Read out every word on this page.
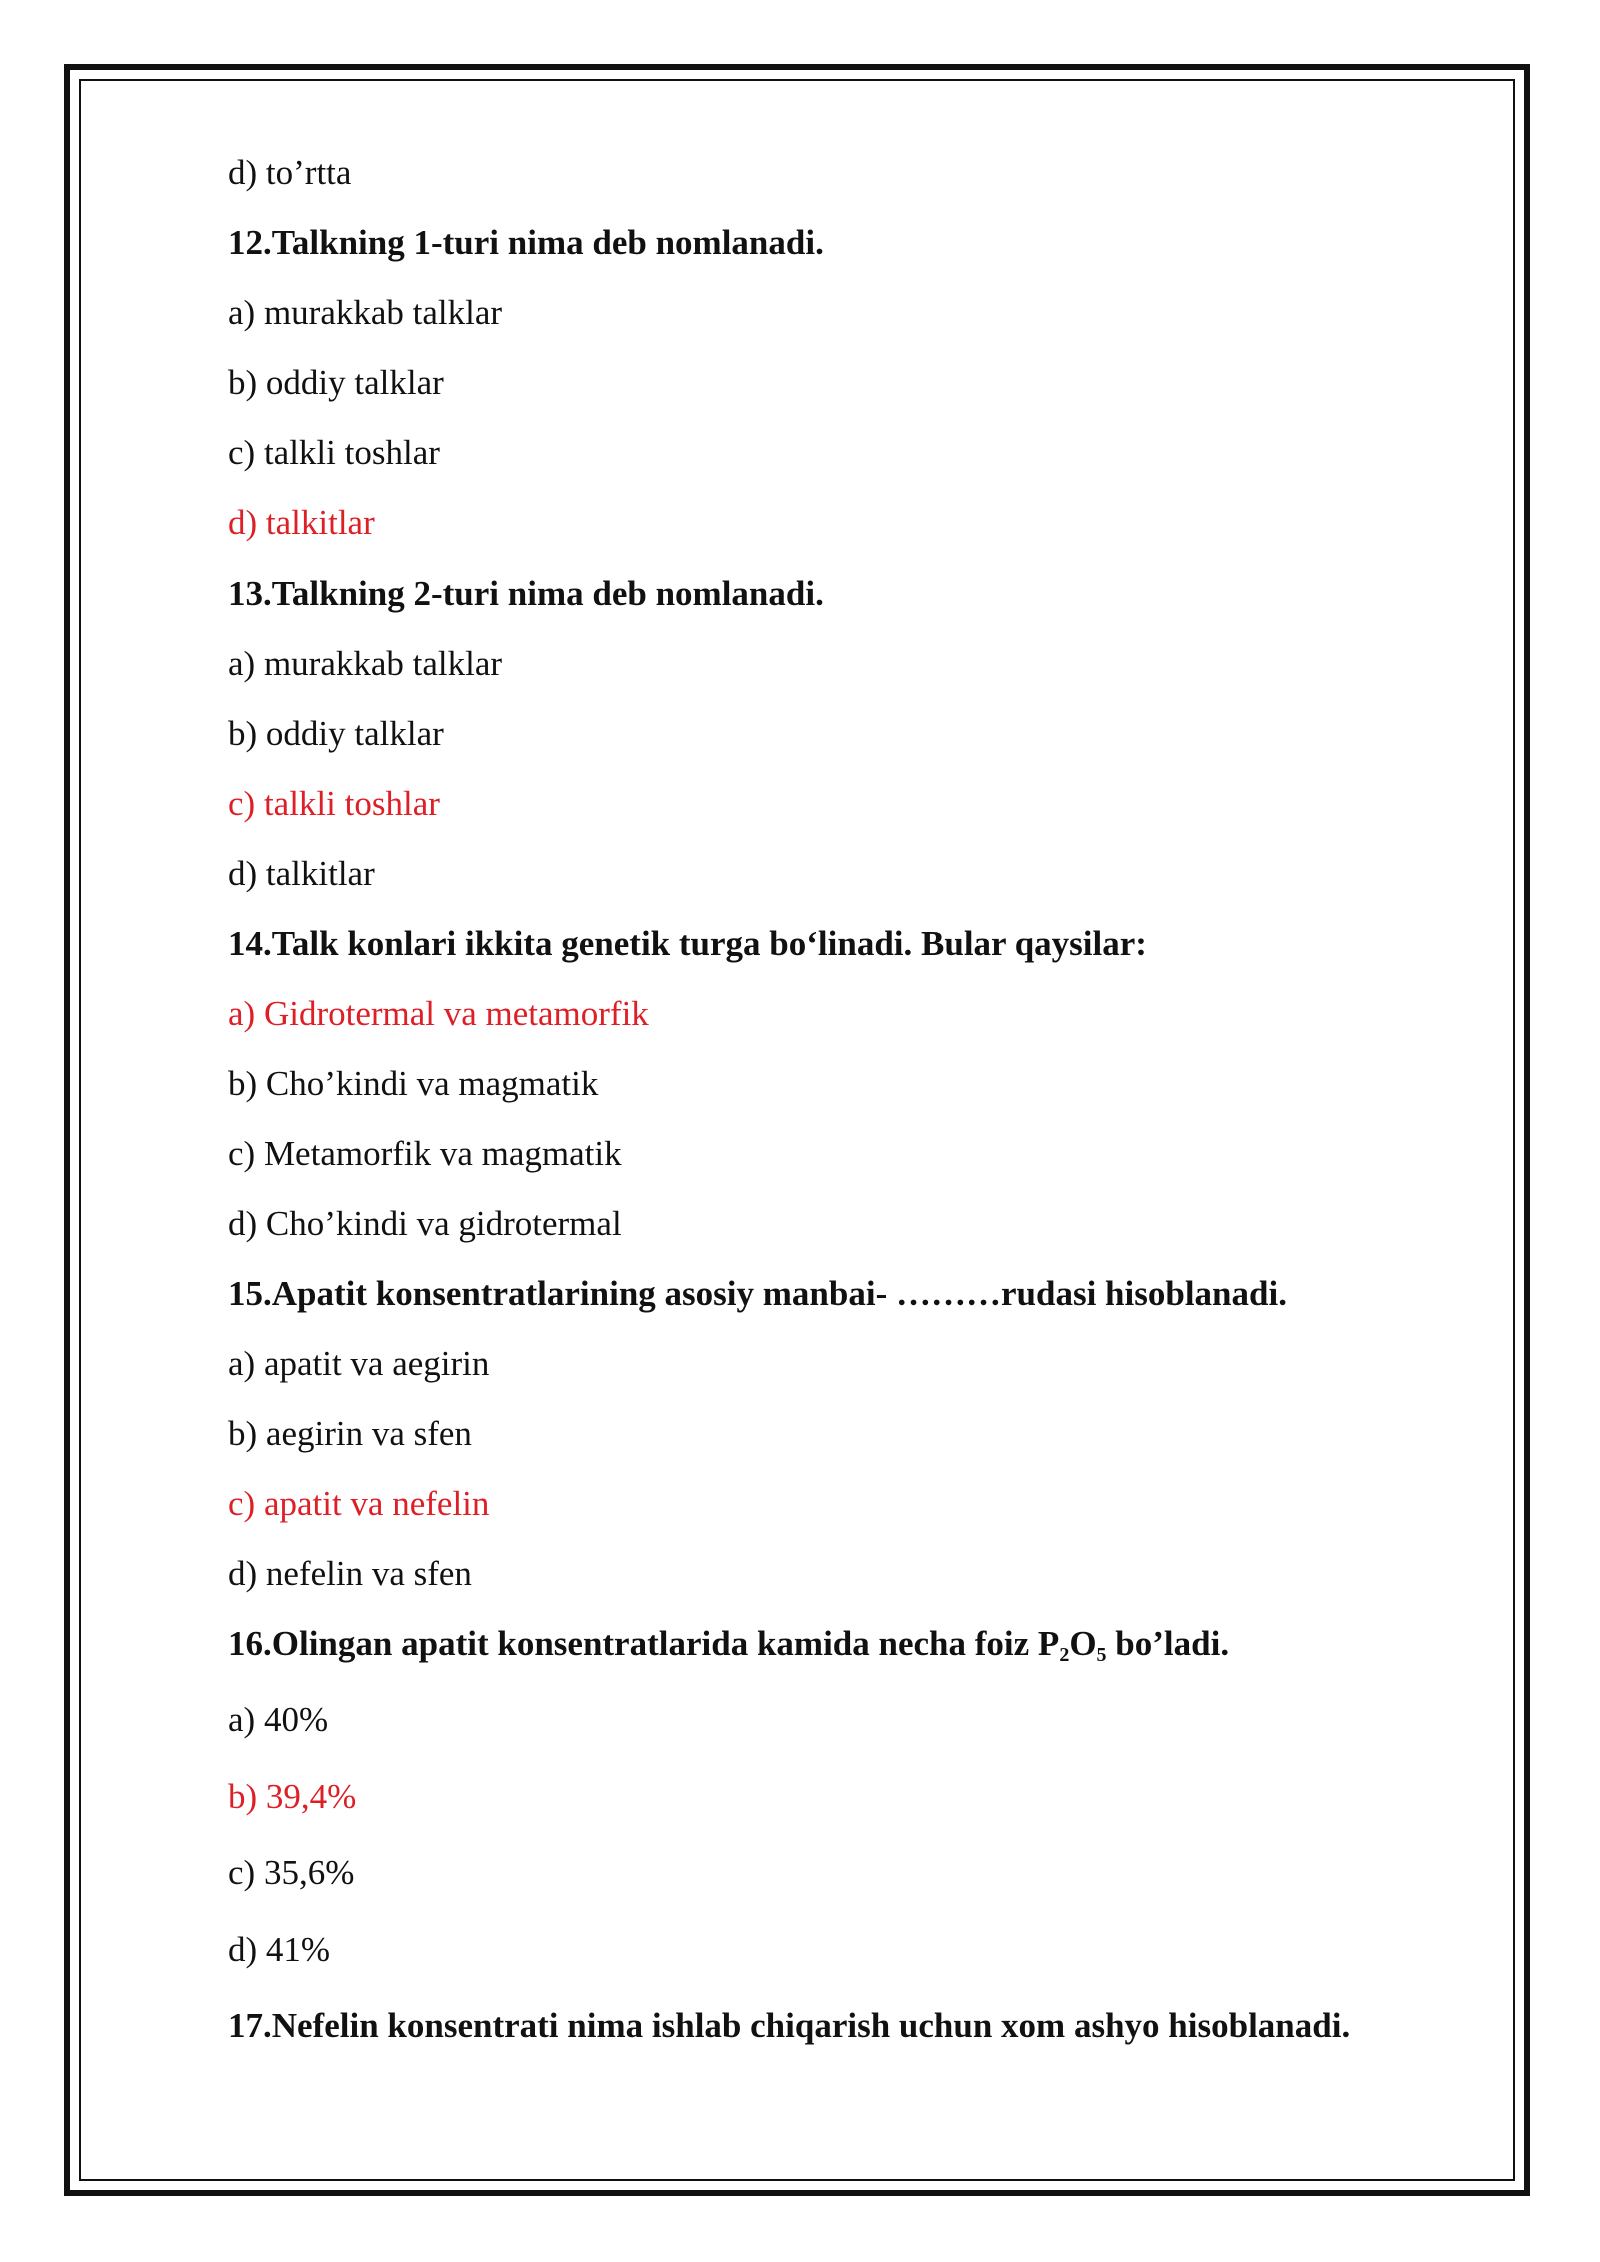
d) to’rtta
12.Talkning 1-turi nima deb nomlanadi.
a) murakkab talklar
b) oddiy talklar
c) talkli toshlar
d) talkitlar
13.Talkning 2-turi nima deb nomlanadi.
a) murakkab talklar
b) oddiy talklar
c) talkli toshlar
d) talkitlar
14.Talk konlari ikkita genetik turga bo‘linadi. Bular qaysilar:
a) Gidrotermal va metamorfik
b) Cho’kindi va magmatik
c) Metamorfik va magmatik
d) Cho’kindi va gidrotermal
15.Apatit konsentratlarining asosiy manbai- ………rudasi hisoblanadi.
a) apatit va aegirin
b) aegirin va sfen
c) apatit va nefelin
d) nefelin va sfen
16.Olingan apatit konsentratlarida kamida necha foiz $P_2O_5$ bo’ladi.
a) 40%
b) 39,4%
c) 35,6%
d) 41%
17.Nefelin konsentrati nima ishlab chiqarish uchun xom ashyo hisoblanadi.
